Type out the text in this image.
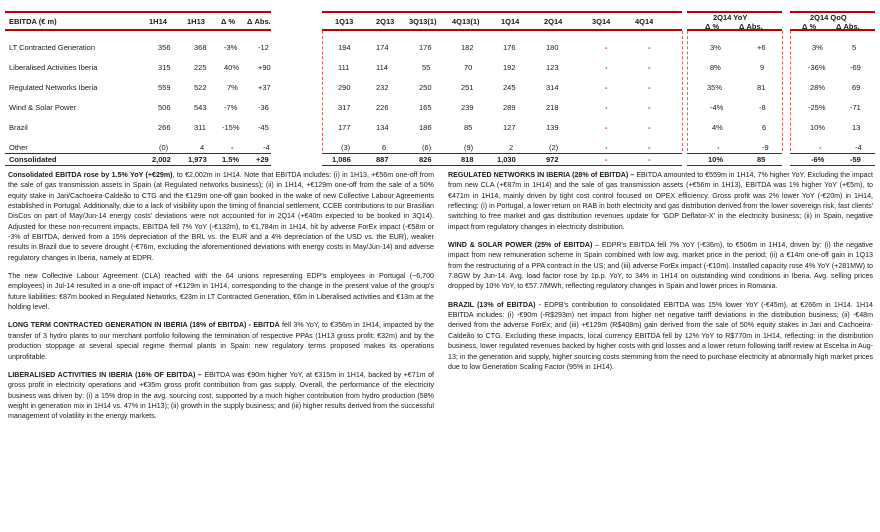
EBITDA (€ m)	1H14	1H13 Δ % Δ Abs.	1Q13	2Q13 3Q13(1) 4Q13(1)	1Q14	2Q14	3Q14	4Q14	2Q14 YoY
Δ %	Δ Abs.
2Q14 QoQ
Δ %	Δ Abs.
LT Contracted Generation	356	368 -3%	-12	194	174	176	182	176	180	-	-	3%	+6	3%	5
Liberalised Activities Iberia	315	225 40%	+90	111	114	55	70	192	123	-	-	8%	9	-36%	-69
Regulated Networks Iberia	559	522	7%	+37	290	232	250	251	245	314	-	-	35%	81	28%	69
Wind & Solar Power	506	543 -7%	-36	317	226	165	239	289	218	-	-	-4%	-8	-25%	-71
Brazil	266	311 -15% -45	177	134	186	85	127	139	-	-	4%	6	10%	13
Other	(0)	4	-	-4	(3)	6	(6)	(9)	2	(2)	-	-	-	-9	-	-4
Consolidated	2,002 1,973 1.5% +29	1,086	887	826	818	1,030	972	-	-	10%	85	-6%	-59

Consolidated EBITDA rose by 1.5% YoY (+€29m), to €2,002m in 1H14. Note that EBITDA includes: (i) in 1H13, +€56m one-off from the sale of gas transmission assets in Spain (at Regulated networks business); (ii) in 1H14, +€129m one-off from the sale of a 50% equity stake in Jari/Cachoeira-Caldeão to CTG and the €129m one-off gain booked in the wake of new Collective Labour Agreements established in Portugal. Additionally, due to a lack of visibility upon the timing of financial settlement, CCEE contributions to our Brasilian DisCos on part of May/Jun-14 energy costs' deviations were not accounted for in 2Q14 (+€40m expected to be booked in 3Q14). Adjusted for these non-recurrent impacts, EBITDA fell 7% YoY (-€132m), to €1,784m in 1H14, hit by adverse ForEx impact (-€58m or -3% of EBITDA, derived from a 15% depreciation of the BRL vs. the EUR and a 4% depreciation of the USD vs. the EUR), weaker results in Brazil due to severe drought (-€76m, excluding the aforementioned deviations with energy costs in May/Jun-14) and adverse regulatory changes in Iberia, namely at EDPR.

The new Collective Labour Agreement (CLA) reached with the 64 unions representing EDP's employees in Portugal (~6,700 employees) in Jul-14 resulted in a one-off impact of +€129m in 1H14, corresponding to the change in the present value of the group's future liabilities: €87m booked in Regulated Networks, €23m in LT Contracted Generation, €6m in Liberalised activities and €13m at the holding level.

LONG TERM CONTRACTED GENERATION IN IBERIA (18% of EBITDA) - EBITDA fell 3% YoY, to €356m in 1H14, impacted by the transfer of 3 hydro plants to our merchant portfolio following the termination of respective PPAs (1H13 gross profit: €32m) and by the production stoppage at several special regime thermal plants in Spain: new regulatory terms proposed makes its operations unprofitable.

LIBERALISED ACTIVITIES IN IBERIA (16% OF EBITDA) – EBITDA was €90m higher YoY, at €315m in 1H14, backed by +€71m of gross profit in electricity operations and +€35m gross profit contribution from gas supply. Overall, the performance of the electricity business was driven by: (i) a 15% drop in the avg. sourcing cost, supported by a much higher contribution from hydro production (58% weight in generation mix in 1H14 vs. 47% in 1H13); (ii) growth in the supply business; and (iii) higher results derived from the successful management of volatility in the energy markets.

REGULATED NETWORKS IN IBERIA (28% of EBITDA) – EBITDA amounted to €559m in 1H14, 7% higher YoY. Excluding the impact from new CLA (+€87m in 1H14) and the sale of gas transmission assets (+€56m in 1H13), EBITDA was 1% higher YoY (+€5m), to €471m in 1H14, mainly driven by tight cost control focused on OPEX efficiency. Gross profit was 2% lower YoY (-€20m) in 1H14, reflecting: (i) in Portugal, a lower return on RAB in both electricity and gas distribution derived from the lower sovereign risk, fast clients' switching to free market and gas distribution revenues update for 'GDP Deflator-X' in the electricity business; (ii) in Spain, negative impact from regulatory changes in electricity distribution.

WIND & SOLAR POWER (25% of EBITDA) – EDPR's EBITDA fell 7% YoY (-€36m), to €506m in 1H14, driven by: (i) the negative impact from new remuneration scheme in Spain combined with low avg. market price in the period; (ii) a €14m one-off gain in 1Q13 from the restructuring of a PPA contract in the US; and (iii) adverse ForEx impact (-€10m). Installed capacity rose 4% YoY (+281MW) to 7.8GW by Jun-14. Avg. load factor rose by 1p.p. YoY, to 34% in 1H14 on outstanding wind conditions in Iberia. Avg. selling prices dropped by 10% YoY, to €57.7/MWh, reflecting regulatory changes in Spain and lower prices in Romania.

BRAZIL (13% of EBITDA) - EDPB's contribution to consolidated EBITDA was 15% lower YoY (-€45m), at €266m in 1H14. 1H14 EBITDA includes: (i) -€90m (-R$293m) net impact from higher net negative tariff deviations in the distribution business; (ii) -€48m derived from the adverse ForEx; and (iii) +€129m (R$408m) gain derived from the sale of 50% equity stakes in Jari and Cachoeira-Caldeão to CTG. Excluding these impacts, local currency EBITDA fell by 12% YoY to R$770m in 1H14, reflecting: in the distribution business, lower regulated revenues backed by higher costs with grid losses and a lower return following tariff review at Escelsa in Aug-13; in the generation and supply, higher sourcing costs stemming from the need to purchase electricity at abnormally high market prices due to low Generation Scaling Factor (95% in 1H14).
